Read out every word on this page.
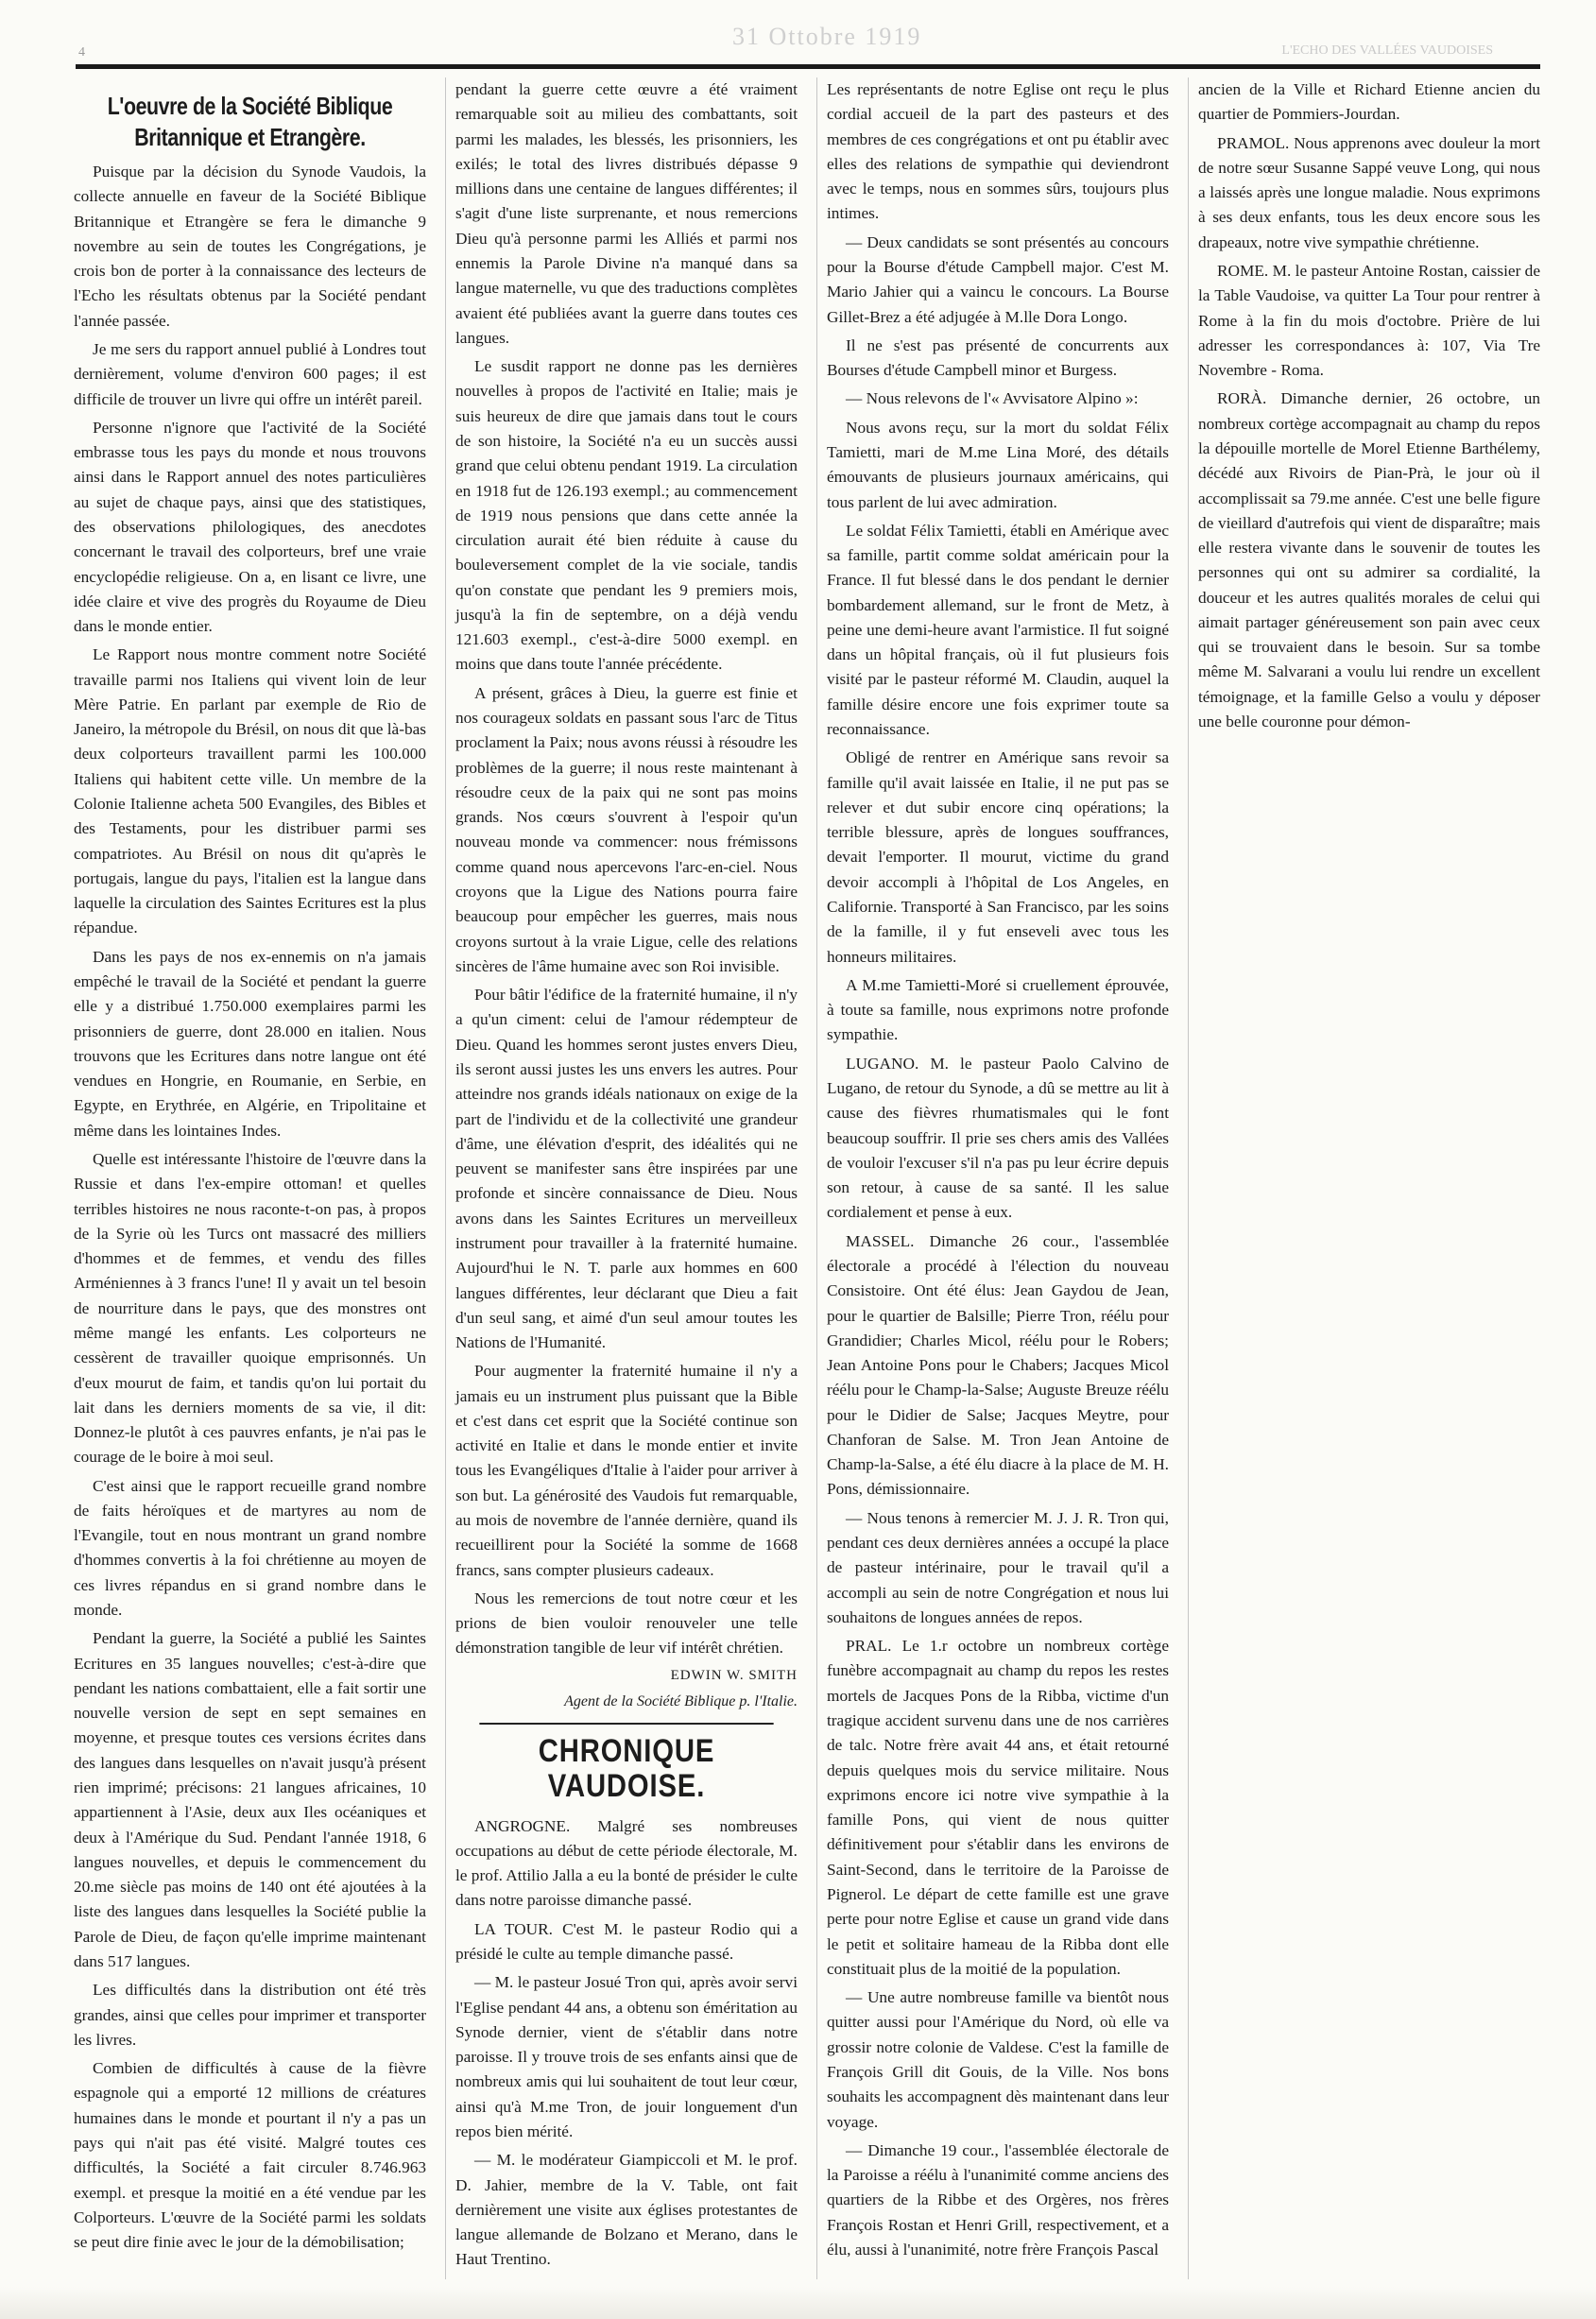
4
31 Ottobre 1919
L'ECHO DES VALLÉES VAUDOISES
L'oeuvre de la Société Biblique Britannique et Etrangère.

Puisque par la décision du Synode Vaudois, la collecte annuelle en faveur de la Société Biblique Britannique et Etrangère se fera le dimanche 9 novembre au sein de toutes les Congrégations, je crois bon de porter à la connaissance des lecteurs de l'Echo les résultats obtenus par la Société pendant l'année passée.

Je me sers du rapport annuel publié à Londres tout dernièrement, volume d'environ 600 pages; il est difficile de trouver un livre qui offre un intérêt pareil.

Personne n'ignore que l'activité de la Société embrasse tous les pays du monde et nous trouvons ainsi dans le Rapport annuel des notes particulières au sujet de chaque pays, ainsi que des statistiques, des observations philologiques, des anecdotes concernant le travail des colporteurs, bref une vraie encyclopédie religieuse. On a, en lisant ce livre, une idée claire et vive des progrès du Royaume de Dieu dans le monde entier.

Le Rapport nous montre comment notre Société travaille parmi nos Italiens qui vivent loin de leur Mère Patrie. En parlant par exemple de Rio de Janeiro, la métropole du Brésil, on nous dit que là-bas deux colporteurs travaillent parmi les 100.000 Italiens qui habitent cette ville. Un membre de la Colonie Italienne acheta 500 Evangiles, des Bibles et des Testaments, pour les distribuer parmi ses compatriotes. Au Brésil on nous dit qu'après le portugais, langue du pays, l'italien est la langue dans laquelle la circulation des Saintes Ecritures est la plus répandue.

Dans les pays de nos ex-ennemis on n'a jamais empêché le travail de la Société et pendant la guerre elle y a distribué 1.750.000 exemplaires parmi les prisonniers de guerre, dont 28.000 en italien. Nous trouvons que les Ecritures dans notre langue ont été vendues en Hongrie, en Roumanie, en Serbie, en Egypte, en Erythrée, en Algérie, en Tripolitaine et même dans les lointaines Indes.

Quelle est intéressante l'histoire de l'œuvre dans la Russie et dans l'ex-empire ottoman! et quelles terribles histoires ne nous raconte-t-on pas, à propos de la Syrie où les Turcs ont massacré des milliers d'hommes et de femmes, et vendu des filles Arméniennes à 3 francs l'une! Il y avait un tel besoin de nourriture dans le pays, que des monstres ont même mangé les enfants. Les colporteurs ne cessèrent de travailler quoique emprisonnés. Un d'eux mourut de faim, et tandis qu'on lui portait du lait dans les derniers moments de sa vie, il dit: Donnez-le plutôt à ces pauvres enfants, je n'ai pas le courage de le boire à moi seul.

C'est ainsi que le rapport recueille grand nombre de faits héroïques et de martyres au nom de l'Evangile, tout en nous montrant un grand nombre d'hommes convertis à la foi chrétienne au moyen de ces livres répandus en si grand nombre dans le monde.

Pendant la guerre, la Société a publié les Saintes Ecritures en 35 langues nouvelles; c'est-à-dire que pendant les nations combattaient, elle a fait sortir une nouvelle version de sept en sept semaines en moyenne, et presque toutes ces versions écrites dans des langues dans lesquelles on n'avait jusqu'à présent rien imprimé; précisons: 21 langues africaines, 10 appartiennent à l'Asie, deux aux Iles océaniques et deux à l'Amérique du Sud. Pendant l'année 1918, 6 langues nouvelles, et depuis le commencement du 20.me siècle pas moins de 140 ont été ajoutées à la liste des langues dans lesquelles la Société publie la Parole de Dieu, de façon qu'elle imprime maintenant dans 517 langues.

Les difficultés dans la distribution ont été très grandes, ainsi que celles pour imprimer et transporter les livres.

Combien de difficultés à cause de la fièvre espagnole qui a emporté 12 millions de créatures humaines dans le monde et pourtant il n'y a pas un pays qui n'ait pas été visité. Malgré toutes ces difficultés, la Société a fait circuler 8.746.963 exempl. et presque la moitié en a été vendue par les Colporteurs. L'œuvre de la Société parmi les soldats se peut dire finie avec le jour de la démobilisation;

pendant la guerre cette œuvre a été vraiment remarquable soit au milieu des combattants, soit parmi les malades, les blessés, les prisonniers, les exilés; le total des livres distribués dépasse 9 millions dans une centaine de langues différentes; il s'agit d'une liste surprenante, et nous remercions Dieu qu'à personne parmi les Alliés et parmi nos ennemis la Parole Divine n'a manqué dans sa langue maternelle, vu que des traductions complètes avaient été publiées avant la guerre dans toutes ces langues.

Le susdit rapport ne donne pas les dernières nouvelles à propos de l'activité en Italie; mais je suis heureux de dire que jamais dans tout le cours de son histoire, la Société n'a eu un succès aussi grand que celui obtenu pendant 1919. La circulation en 1918 fut de 126.193 exempl.; au commencement de 1919 nous pensions que dans cette année la circulation aurait été bien réduite à cause du bouleversement complet de la vie sociale, tandis qu'on constate que pendant les 9 premiers mois, jusqu'à la fin de septembre, on a déjà vendu 121.603 exempl., c'est-à-dire 5000 exempl. en moins que dans toute l'année précédente.

A présent, grâces à Dieu, la guerre est finie et nos courageux soldats en passant sous l'arc de Titus proclament la Paix; nous avons réussi à résoudre les problèmes de la guerre; il nous reste maintenant à résoudre ceux de la paix qui ne sont pas moins grands. Nos cœurs s'ouvrent à l'espoir qu'un nouveau monde va commencer: nous frémissons comme quand nous apercevons l'arc-en-ciel. Nous croyons que la Ligue des Nations pourra faire beaucoup pour empêcher les guerres, mais nous croyons surtout à la vraie Ligue, celle des relations sincères de l'âme humaine avec son Roi invisible.

Pour bâtir l'édifice de la fraternité humaine, il n'y a qu'un ciment: celui de l'amour rédempteur de Dieu. Quand les hommes seront justes envers Dieu, ils seront aussi justes les uns envers les autres. Pour atteindre nos grands idéals nationaux on exige de la part de l'individu et de la collectivité une grandeur d'âme, une élévation d'esprit, des idéalités qui ne peuvent se manifester sans être inspirées par une profonde et sincère connaissance de Dieu. Nous avons dans les Saintes Ecritures un merveilleux instrument pour travailler à la fraternité humaine. Aujourd'hui le N. T. parle aux hommes en 600 langues différentes, leur déclarant que Dieu a fait d'un seul sang, et aimé d'un seul amour toutes les Nations de l'Humanité.

Pour augmenter la fraternité humaine il n'y a jamais eu un instrument plus puissant que la Bible et c'est dans cet esprit que la Société continue son activité en Italie et dans le monde entier et invite tous les Evangéliques d'Italie à l'aider pour arriver à son but. La générosité des Vaudois fut remarquable, au mois de novembre de l'année dernière, quand ils recueillirent pour la Société la somme de 1668 francs, sans compter plusieurs cadeaux.

Nous les remercions de tout notre cœur et les prions de bien vouloir renouveler une telle démonstration tangible de leur vif intérêt chrétien.

EDWIN W. SMITH

Agent de la Société Biblique p. l'Italie.

CHRONIQUE VAUDOISE.

ANGROGNE. Malgré ses nombreuses occupations au début de cette période électorale, M. le prof. Attilio Jalla a eu la bonté de présider le culte dans notre paroisse dimanche passé.

LA TOUR. C'est M. le pasteur Rodio qui a présidé le culte au temple dimanche passé.

— M. le pasteur Josué Tron qui, après avoir servi l'Eglise pendant 44 ans, a obtenu son éméritation au Synode dernier, vient de s'établir dans notre paroisse. Il y trouve trois de ses enfants ainsi que de nombreux amis qui lui souhaitent de tout leur cœur, ainsi qu'à M.me Tron, de jouir longuement d'un repos bien mérité.

— M. le modérateur Giampiccoli et M. le prof. D. Jahier, membre de la V. Table, ont fait dernièrement une visite aux églises protestantes de langue allemande de Bolzano et Merano, dans le Haut Trentino.

Les représentants de notre Eglise ont reçu le plus cordial accueil de la part des pasteurs et des membres de ces congrégations et ont pu établir avec elles des relations de sympathie qui deviendront avec le temps, nous en sommes sûrs, toujours plus intimes.

— Deux candidats se sont présentés au concours pour la Bourse d'étude Campbell major. C'est M. Mario Jahier qui a vaincu le concours. La Bourse Gillet-Brez a été adjugée à M.lle Dora Longo.

Il ne s'est pas présenté de concurrents aux Bourses d'étude Campbell minor et Burgess.

— Nous relevons de l'« Avvisatore Alpino »:

Nous avons reçu, sur la mort du soldat Félix Tamietti, mari de M.me Lina Moré, des détails émouvants de plusieurs journaux américains, qui tous parlent de lui avec admiration.

Le soldat Félix Tamietti, établi en Amérique avec sa famille, partit comme soldat américain pour la France. Il fut blessé dans le dos pendant le dernier bombardement allemand, sur le front de Metz, à peine une demi-heure avant l'armistice. Il fut soigné dans un hôpital français, où il fut plusieurs fois visité par le pasteur réformé M. Claudin, auquel la famille désire encore une fois exprimer toute sa reconnaissance.

Obligé de rentrer en Amérique sans revoir sa famille qu'il avait laissée en Italie, il ne put pas se relever et dut subir encore cinq opérations; la terrible blessure, après de longues souffrances, devait l'emporter. Il mourut, victime du grand devoir accompli à l'hôpital de Los Angeles, en Californie. Transporté à San Francisco, par les soins de la famille, il y fut enseveli avec tous les honneurs militaires.

A M.me Tamietti-Moré si cruellement éprouvée, à toute sa famille, nous exprimons notre profonde sympathie.

LUGANO. M. le pasteur Paolo Calvino de Lugano, de retour du Synode, a dû se mettre au lit à cause des fièvres rhumatismales qui le font beaucoup souffrir. Il prie ses chers amis des Vallées de vouloir l'excuser s'il n'a pas pu leur écrire depuis son retour, à cause de sa santé. Il les salue cordialement et pense à eux.

MASSEL. Dimanche 26 cour., l'assemblée électorale a procédé à l'élection du nouveau Consistoire. Ont été élus: Jean Gaydou de Jean, pour le quartier de Balsille; Pierre Tron, réélu pour Grandidier; Charles Micol, réélu pour le Robers; Jean Antoine Pons pour le Chabers; Jacques Micol réélu pour le Champ-la-Salse; Auguste Breuze réélu pour le Didier de Salse; Jacques Meytre, pour Chanforan de Salse. M. Tron Jean Antoine de Champ-la-Salse, a été élu diacre à la place de M. H. Pons, démissionnaire.

— Nous tenons à remercier M. J. J. R. Tron qui, pendant ces deux dernières années a occupé la place de pasteur intérinaire, pour le travail qu'il a accompli au sein de notre Congrégation et nous lui souhaitons de longues années de repos.

PRAL. Le 1.r octobre un nombreux cortège funèbre accompagnait au champ du repos les restes mortels de Jacques Pons de la Ribba, victime d'un tragique accident survenu dans une de nos carrières de talc. Notre frère avait 44 ans, et était retourné depuis quelques mois du service militaire. Nous exprimons encore ici notre vive sympathie à la famille Pons, qui vient de nous quitter définitivement pour s'établir dans les environs de Saint-Second, dans le territoire de la Paroisse de Pignerol. Le départ de cette famille est une grave perte pour notre Eglise et cause un grand vide dans le petit et solitaire hameau de la Ribba dont elle constituait plus de la moitié de la population.

— Une autre nombreuse famille va bientôt nous quitter aussi pour l'Amérique du Nord, où elle va grossir notre colonie de Valdese. C'est la famille de François Grill dit Gouis, de la Ville. Nos bons souhaits les accompagnent dès maintenant dans leur voyage.

— Dimanche 19 cour., l'assemblée électorale de la Paroisse a réélu à l'unanimité comme anciens des quartiers de la Ribbe et des Orgères, nos frères François Rostan et Henri Grill, respectivement, et a élu, aussi à l'unanimité, notre frère François Pascal

ancien de la Ville et Richard Etienne ancien du quartier de Pommiers-Jourdan.

PRAMOL. Nous apprenons avec douleur la mort de notre sœur Susanne Sappé veuve Long, qui nous a laissés après une longue maladie. Nous exprimons à ses deux enfants, tous les deux encore sous les drapeaux, notre vive sympathie chrétienne.

ROME. M. le pasteur Antoine Rostan, caissier de la Table Vaudoise, va quitter La Tour pour rentrer à Rome à la fin du mois d'octobre. Prière de lui adresser les correspondances à: 107, Via Tre Novembre - Roma.

RORÀ. Dimanche dernier, 26 octobre, un nombreux cortège accompagnait au champ du repos la dépouille mortelle de Morel Etienne Barthélemy, décédé aux Rivoirs de Pian-Prà, le jour où il accomplissait sa 79.me année. C'est une belle figure de vieillard d'autrefois qui vient de disparaître; mais elle restera vivante dans le souvenir de toutes les personnes qui ont su admirer sa cordialité, la douceur et les autres qualités morales de celui qui aimait partager généreusement son pain avec ceux qui se trouvaient dans le besoin. Sur sa tombe même M. Salvarani a voulu lui rendre un excellent témoignage, et la famille Gelso a voulu y déposer une belle couronne pour démon-
